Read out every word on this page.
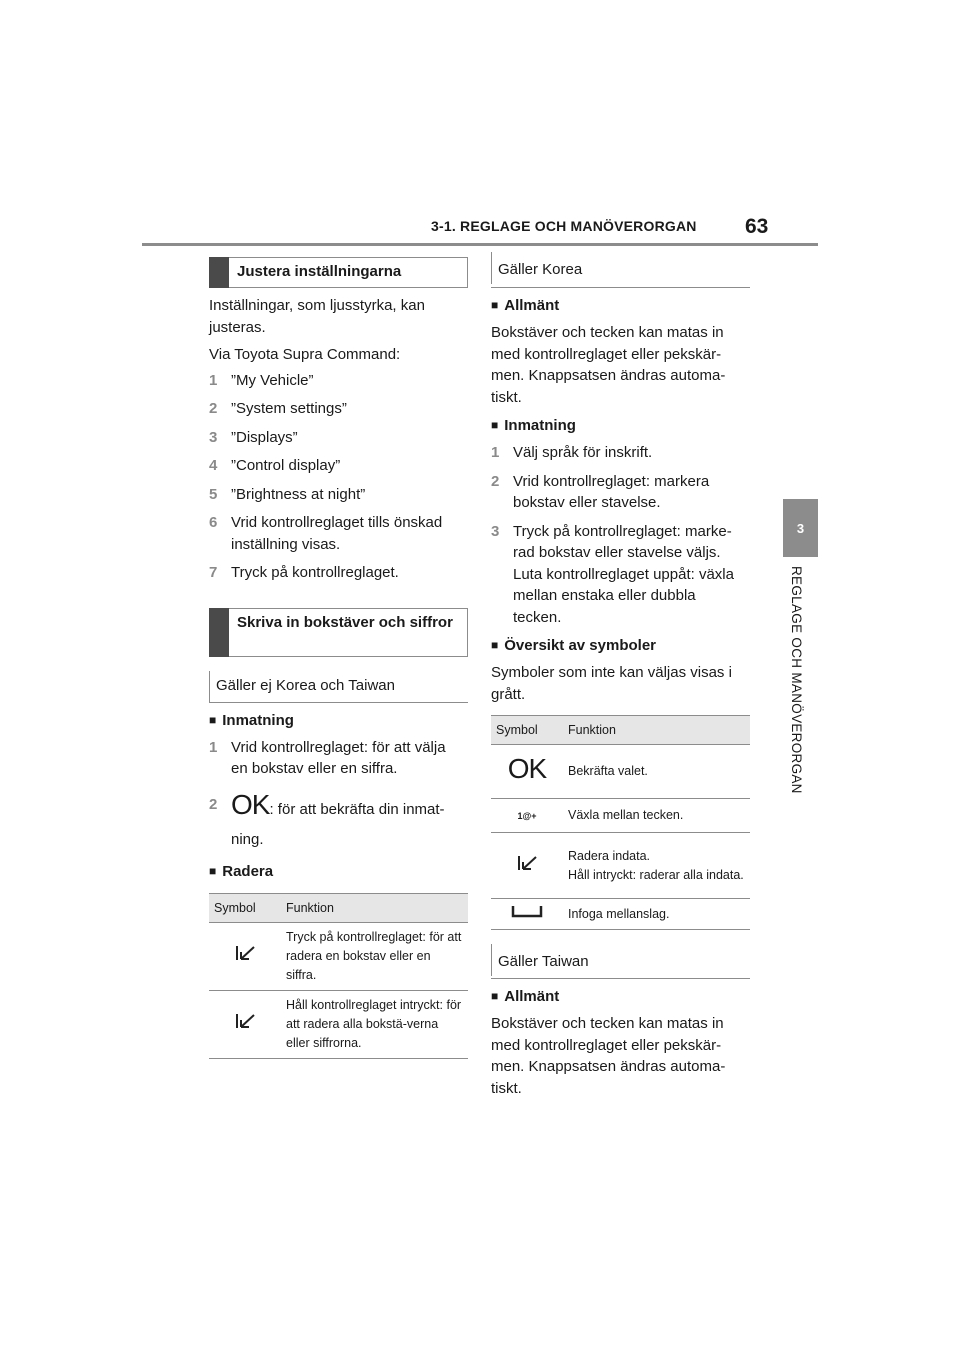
3-1. REGLAGE OCH MANÖVERORGAN 63
3
REGLAGE OCH MANÖVERORGAN
Justera inställningarna

Inställningar, som ljusstyrka, kan justeras.

Via Toyota Supra Command:

1 ”My Vehicle”
2 ”System settings”
3 ”Displays”
4 ”Control display”
5 ”Brightness at night”
6 Vrid kontrollreglaget tills önskad inställning visas.
7 Tryck på kontrollreglaget.
Skriva in bokstäver och siffror
Gäller ej Korea och Taiwan
■ Inmatning
1 Vrid kontrollreglaget: för att välja en bokstav eller en siffra.
2 OK: för att bekräfta din inmat-ning.
■ Radera
Symbol	Funktion
	Tryck på kontrollreglaget: för att radera en bokstav eller en siffra.
	Håll kontrollreglaget intryckt: för att radera alla bokstä-verna eller siffrorna.
Gäller Korea
■ Allmänt

Bokstäver och tecken kan matas in med kontrollreglaget eller pekskär-men. Knappsatsen ändras automa-tiskt.

■ Inmatning
1 Välj språk för inskrift.
2 Vrid kontrollreglaget: markera bokstav eller stavelse.
3 Tryck på kontrollreglaget: marke-rad bokstav eller stavelse väljs. Luta kontrollreglaget uppåt: växla mellan enstaka eller dubbla tecken.
■ Översikt av symboler

Symboler som inte kan väljas visas i grått.

Symbol	Funktion
OK	Bekräfta valet.
1@+	Växla mellan tecken.
	Radera indata.
Håll intryckt: raderar alla indata.
	Infoga mellanslag.
Gäller Taiwan
■ Allmänt

Bokstäver och tecken kan matas in med kontrollreglaget eller pekskär-men. Knappsatsen ändras automa-tiskt.
